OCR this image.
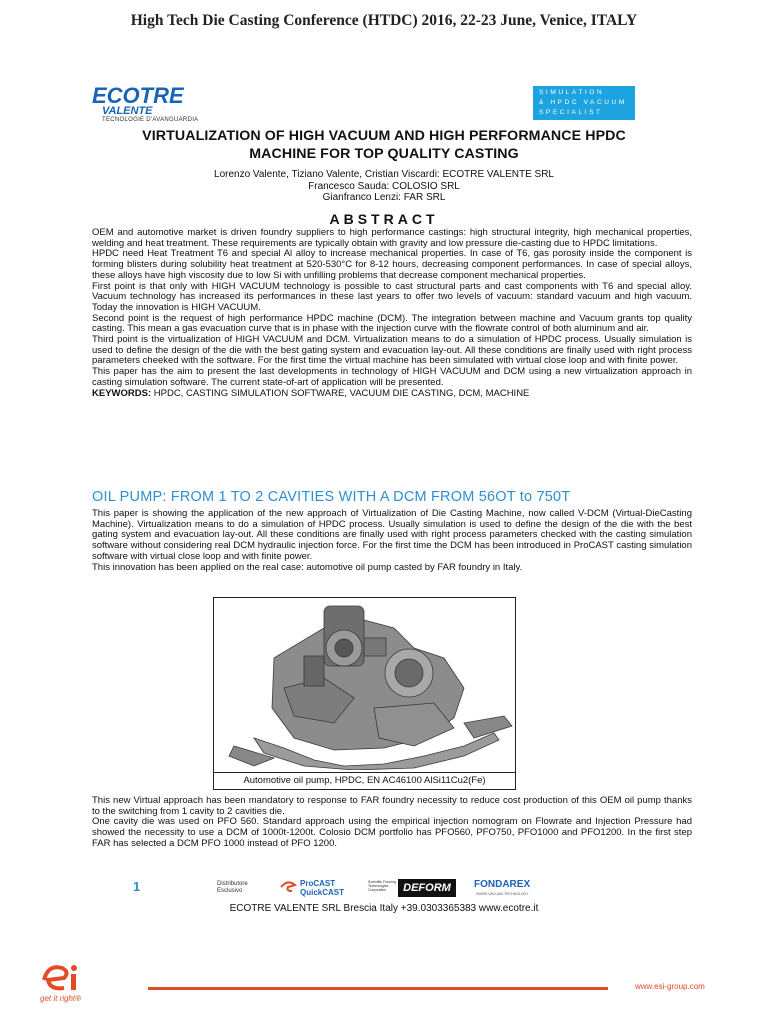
High Tech Die Casting Conference (HTDC) 2016, 22-23 June, Venice, ITALY
ECOTRE
VALENTE
TECNOLOGIE D'AVANGUARDIA
SIMULATION
& HPDC VACUUM
SPECIALIST
VIRTUALIZATION OF HIGH VACUUM AND HIGH PERFORMANCE HPDC
MACHINE FOR TOP QUALITY CASTING
Lorenzo Valente, Tiziano Valente, Cristian Viscardi: ECOTRE VALENTE SRL
Francesco Sauda: COLOSIO SRL
Gianfranco Lenzi: FAR SRL
ABSTRACT

OEM and automotive market is driven foundry suppliers to high performance castings: high structural integrity, high mechanical properties, welding and heat treatment. These requirements are typically obtain with gravity and low pressure die-casting due to HPDC limitations.

HPDC need Heat Treatment T6 and special Al alloy to increase mechanical properties. In case of T6, gas porosity inside the component is forming blisters during solubility heat treatment at 520-530°C for 8-12 hours, decreasing component performances. In case of special alloys, these alloys have high viscosity due to low Si with unfilling problems that decrease component mechanical properties.

First point is that only with HIGH VACUUM technology is possible to cast structural parts and cast components with T6 and special alloy. Vacuum technology has increased its performances in these last years to offer two levels of vacuum: standard vacuum and high vacuum. Today the innovation is HIGH VACUUM.

Second point is the request of high performance HPDC machine (DCM). The integration between machine and Vacuum grants top quality casting. This mean a gas evacuation curve that is in phase with the injection curve with the flowrate control of both aluminum and air.

Third point is the virtualization of HIGH VACUUM and DCM. Virtualization means to do a simulation of HPDC process. Usually simulation is used to define the design of the die with the best gating system and evacuation lay-out. All these conditions are finally used with right process parameters cheeked with the software. For the first time the virtual machine has been simulated with virtual close loop and with finite power.

This paper has the aim to present the last developments in technology of HIGH VACUUM and DCM using a new virtualization approach in casting simulation software. The current state-of-art of application will be presented.

KEYWORDS: HPDC, CASTING SIMULATION SOFTWARE, VACUUM DIE CASTING, DCM, MACHINE

OIL PUMP: FROM 1 TO 2 CAVITIES WITH A DCM FROM 56OT to 750T

This paper is showing the application of the new approach of Virtualization of Die Casting Machine, now called V-DCM (Virtual-DieCasting Machine). Virtualization means to do a simulation of HPDC process. Usually simulation is used to define the design of the die with the best gating system and evacuation lay-out. All these conditions are finally used with right process parameters checked with the casting simulation software without considering real DCM hydraulic injection force. For the first time the DCM has been introduced in ProCAST casting simulation software with virtual close loop and with finite power.

This innovation has been applied on the real case: automotive oil pump casted by FAR foundry in Italy.

Automotive oil pump, HPDC, EN AC46100 AlSi11Cu2(Fe)

This new Virtual approach has been mandatory to response to FAR foundry necessity to reduce cost production of this OEM oil pump thanks to the switching from 1 cavity to 2 cavities die.

One cavity die was used on PFO 560. Standard approach using the empirical injection nomogram on Flowrate and Injection Pressure had showed the necessity to use a DCM of 1000t-1200t. Colosio DCM portfolio has PFO560, PFO750, PFO1000 and PFO1200. In the first step FAR has selected a DCM PFO 1000 instead of PFO 1200.

1	Distributore Esclusivo
ProCAST
QuickCAST
Scientific Forming Technologies Corporation	DEFORM	FONDAREX
SWISS VACUUM TECHNOLOGY
ECOTRE VALENTE SRL Brescia Italy +39.0303365383 www.ecotre.it
get it right®
www.esi-group.com
